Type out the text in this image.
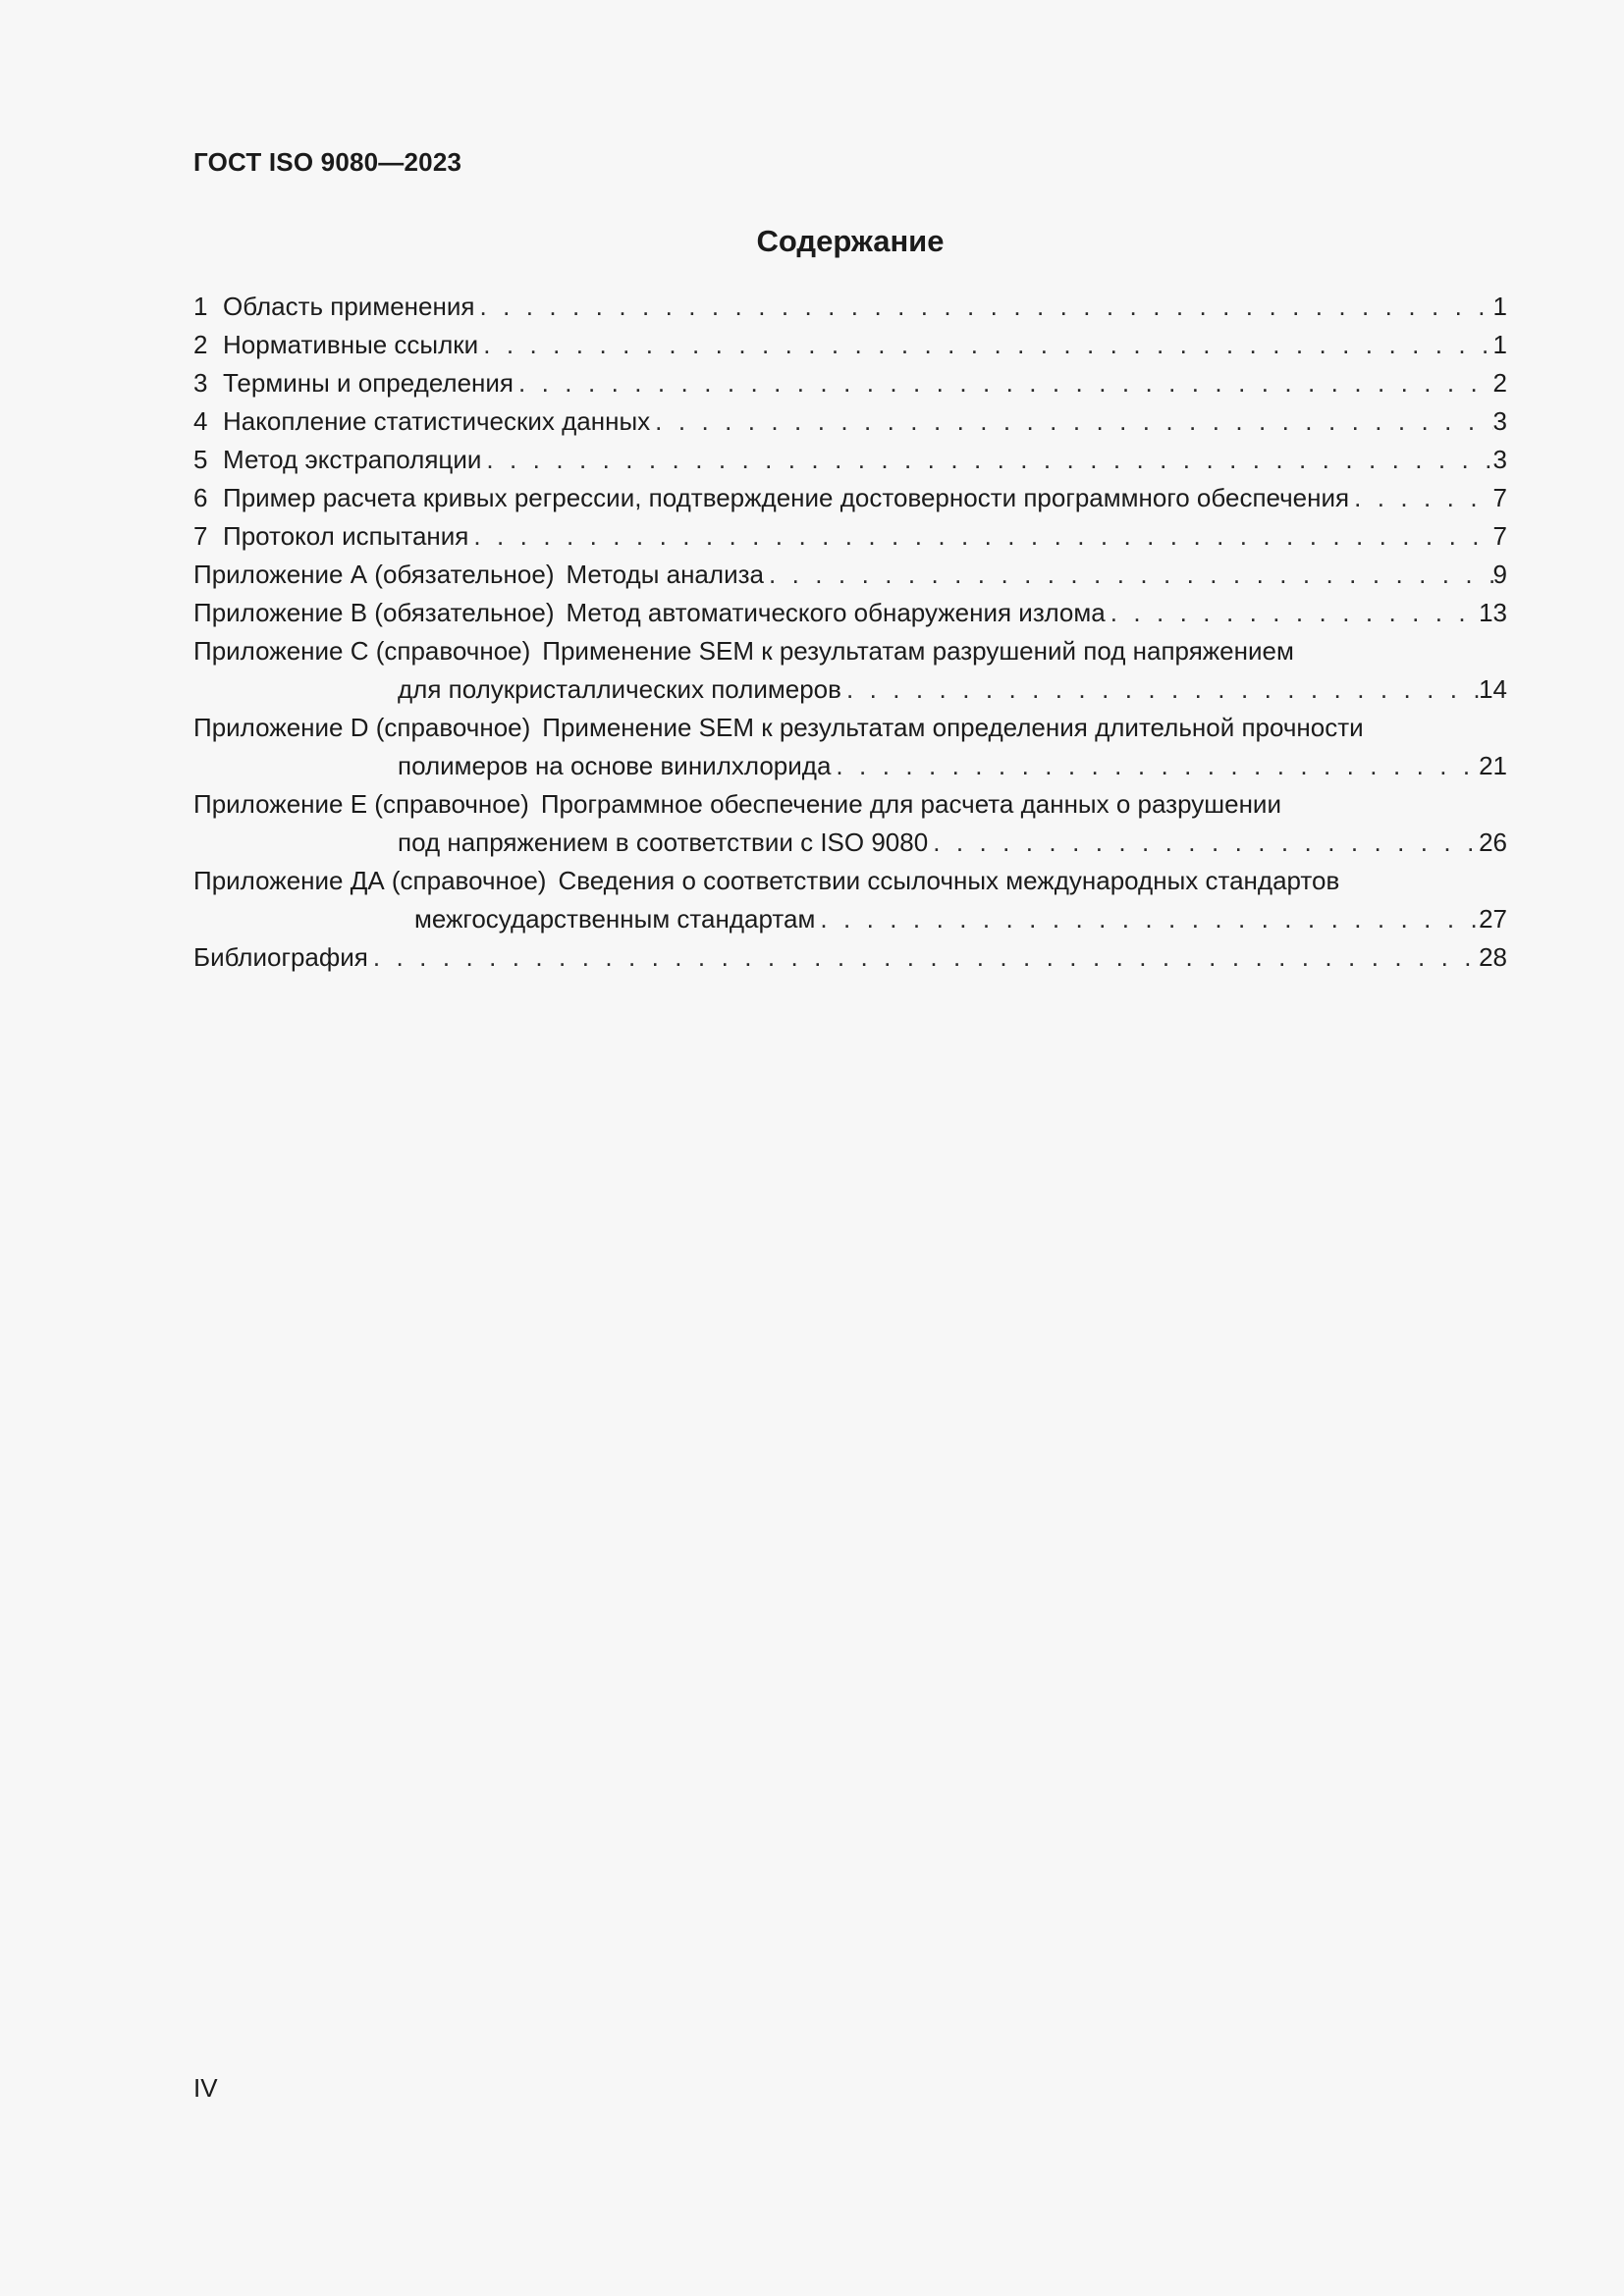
ГОСТ ISO 9080—2023
Содержание
1 Область применения . . .	1
2 Нормативные ссылки . . .	1
3 Термины и определения . . .	2
4 Накопление статистических данных . . .	3
5 Метод экстраполяции . . .	3
6 Пример расчета кривых регрессии, подтверждение достоверности программного обеспечения . . .	7
7 Протокол испытания . . .	7
Приложение А (обязательное) Методы анализа . . .	9
Приложение В (обязательное) Метод автоматического обнаружения излома . . .	13
Приложение С (справочное) Применение SEM к результатам разрушений под напряжением
для полукристаллических полимеров . . .	14
Приложение D (справочное) Применение SEM к результатам определения длительной прочности
полимеров на основе винилхлорида . . .	21
Приложение Е (справочное) Программное обеспечение для расчета данных о разрушении
под напряжением в соответствии с ISO 9080 . . .	26
Приложение ДА (справочное) Сведения о соответствии ссылочных международных стандартов
межгосударственным стандартам . . .	27
Библиография . . .	28
IV
